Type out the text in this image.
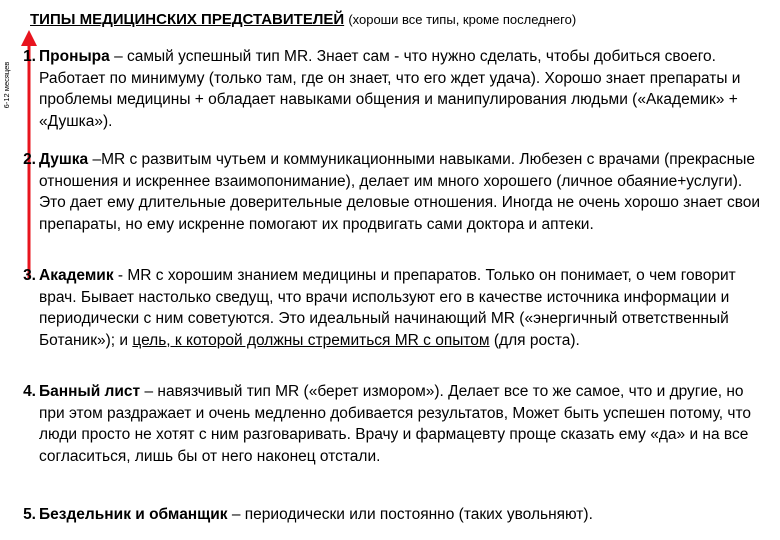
ТИПЫ МЕДИЦИНСКИХ ПРЕДСТАВИТЕЛЕЙ (хороши все типы, кроме последнего)
6-12 месяцев
1. Пронырa – самый успешный тип MR. Знает сам - что нужно сделать, чтобы добиться своего. Работает по минимуму (только там, где он знает, что его ждет удача). Хорошо знает препараты и проблемы медицины + обладает навыками общения и манипулирования людьми («Академик» + «Душка»).
2. Душка –MR с развитым чутьем и коммуникационными навыками. Любезен с врачами (прекрасные отношения и искреннее взаимопонимание), делает им много хорошего (личное обаяние+услуги). Это дает ему длительные доверительные деловые отношения. Иногда не очень хорошо знает свои препараты, но ему искренне помогают их продвигать сами доктора и аптеки.
3. Академик - MR с хорошим знанием медицины и препаратов. Только он понимает, о чем говорит врач. Бывает настолько сведущ, что врачи используют его в качестве источника информации и периодически с ним советуются. Это идеальный начинающий MR («энергичный ответственный Ботаник»); и цель, к которой должны стремиться MR с опытом (для роста).
4. Банный лист – навязчивый тип MR («берет измором»). Делает все то же самое, что и другие, но при этом раздражает и очень медленно добивается результатов, Может быть успешен потому, что люди просто не хотят с ним разговаривать. Врачу и фармацевту проще сказать ему «да» и на все согласиться, лишь бы от него наконец отстали.
5. Бездельник и обманщик – периодически или постоянно (таких увольняют).
